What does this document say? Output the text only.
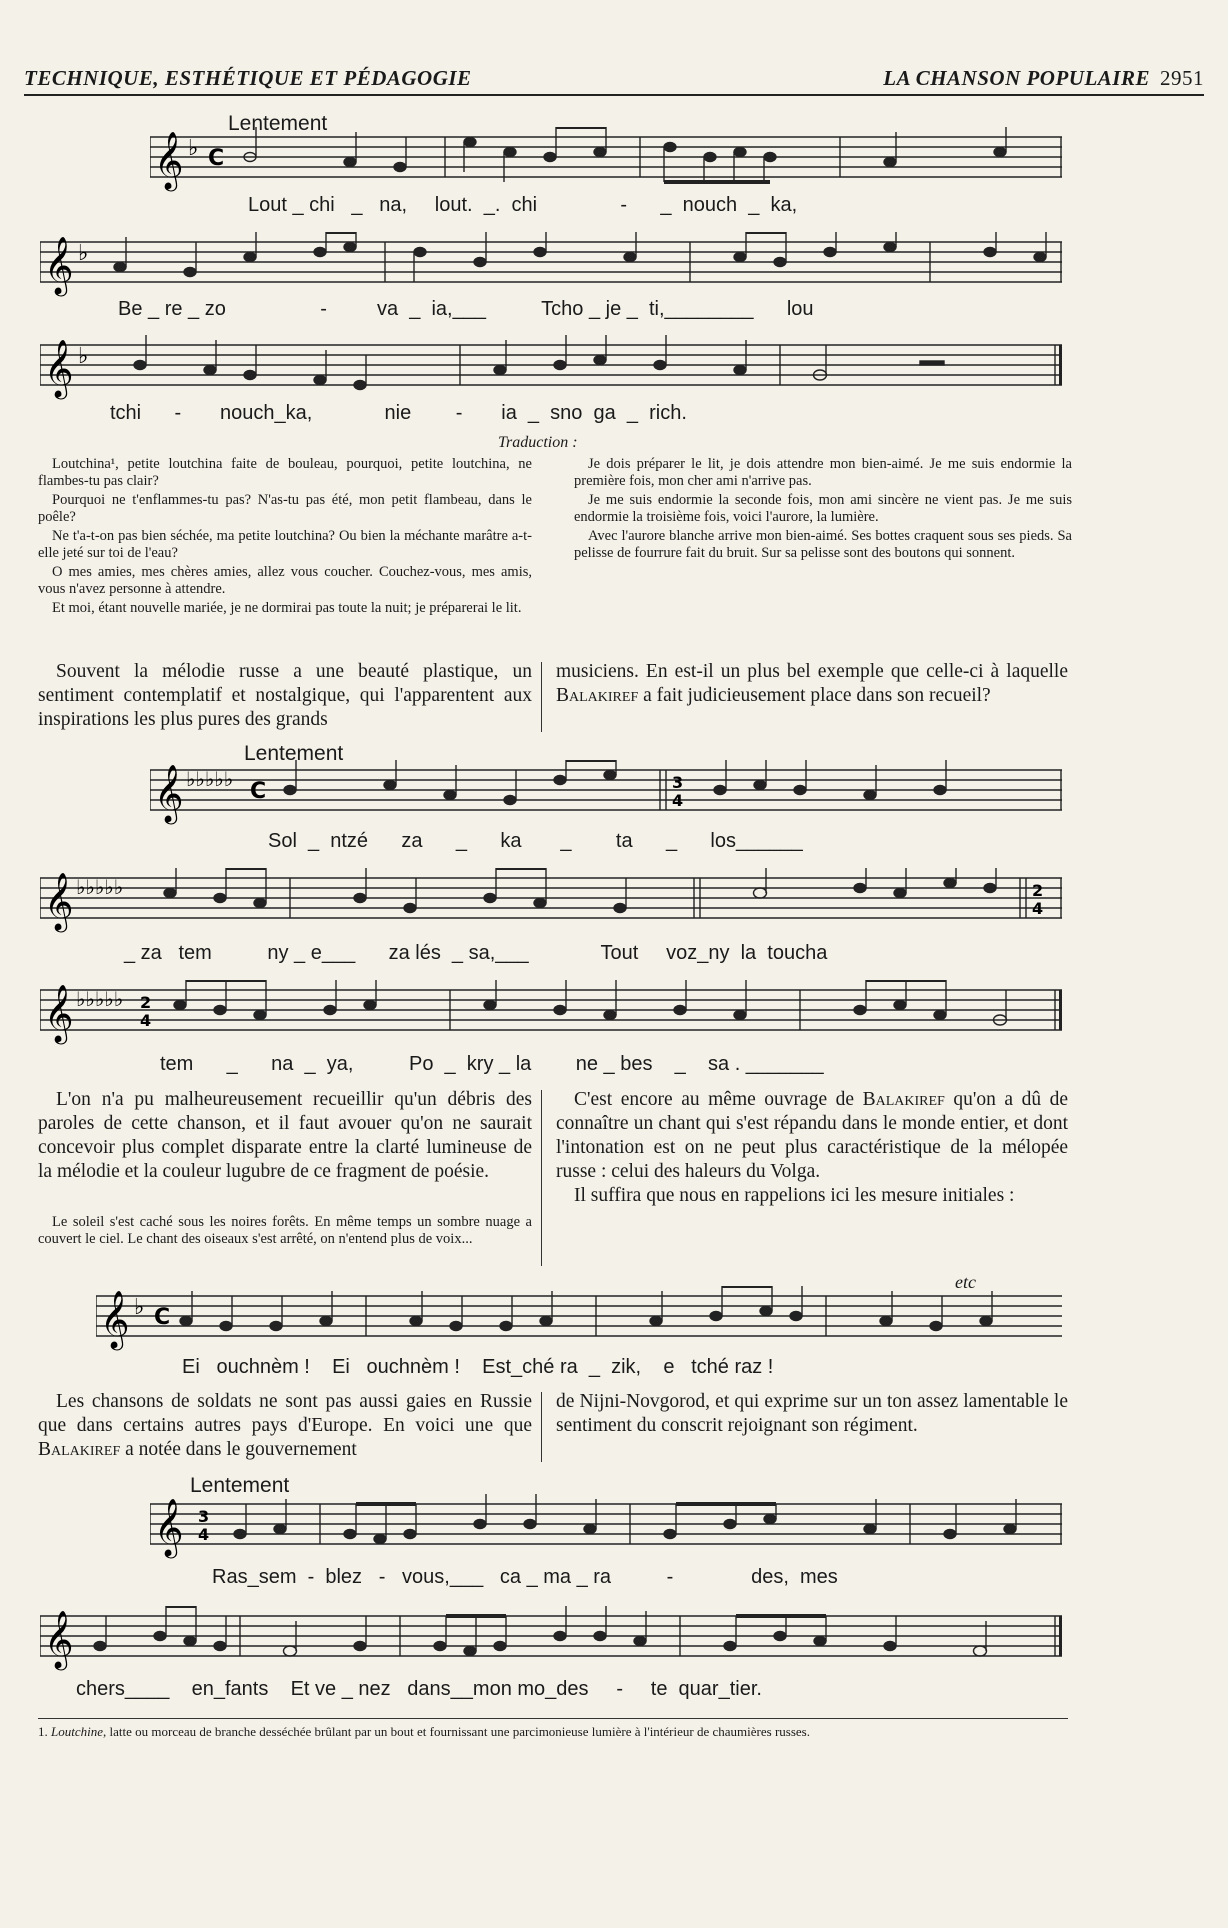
TECHNIQUE, ESTHÉTIQUE ET PÉDAGOGIE	LA CHANSON POPULAIRE 2951
Lentement
𝄞 ♭ C
Lout _ chi   _   na,     lout.  _.  chi               -      _  nouch  _  ka,
𝄞 ♭
Be _ re _ zo                 -         va  _  ia,___          Tcho _ je _  ti,________      lou
𝄞 ♭
tchi      -       nouch_ka,             nie        -       ia  _  sno  ga  _  rich.
Traduction :

Loutchina¹, petite loutchina faite de bouleau, pourquoi, petite loutchina, ne flambes-tu pas clair?

Pourquoi ne t'enflammes-tu pas? N'as-tu pas été, mon petit flambeau, dans le poêle?

Ne t'a-t-on pas bien séchée, ma petite loutchina? Ou bien la méchante marâtre a-t-elle jeté sur toi de l'eau?

O mes amies, mes chères amies, allez vous coucher. Couchez-vous, mes amis, vous n'avez personne à attendre.

Et moi, étant nouvelle mariée, je ne dormirai pas toute la nuit; je préparerai le lit.

Je dois préparer le lit, je dois attendre mon bien-aimé. Je me suis endormie la première fois, mon cher ami n'arrive pas.

Je me suis endormie la seconde fois, mon ami sincère ne vient pas. Je me suis endormie la troisième fois, voici l'aurore, la lumière.

Avec l'aurore blanche arrive mon bien-aimé. Ses bottes craquent sous ses pieds. Sa pelisse de fourrure fait du bruit. Sur sa pelisse sont des boutons qui sonnent.

Souvent la mélodie russe a une beauté plastique, un sentiment contemplatif et nostalgique, qui l'apparentent aux inspirations les plus pures des grands

musiciens. En est-il un plus bel exemple que celle-ci à laquelle Balakiref a fait judicieusement place dans son recueil?

Lentement
𝄞 ♭♭♭♭♭ C	3
4
Sol  _  ntzé      za      _      ka       _        ta      _      los______
𝄞 ♭♭♭♭♭	2
4
_ za   tem          ny _ e___      za lés  _ sa,___             Tout     voz_ny  la  toucha
𝄞 ♭♭♭♭♭ 2
4
tem      _      na  _  ya,          Po  _  kry _ la        ne _ bes    _    sa . _______

L'on n'a pu malheureusement recueillir qu'un débris des paroles de cette chanson, et il faut avouer qu'on ne saurait concevoir plus complet disparate entre la clarté lumineuse de la mélodie et la couleur lugubre de ce fragment de poésie.

Le soleil s'est caché sous les noires forêts. En même temps un sombre nuage a couvert le ciel. Le chant des oiseaux s'est arrêté, on n'entend plus de voix...

C'est encore au même ouvrage de Balakiref qu'on a dû de connaître un chant qui s'est répandu dans le monde entier, et dont l'intonation est on ne peut plus caractéristique de la mélopée russe : celui des haleurs du Volga.

Il suffira que nous en rappelions ici les mesure initiales :

etc
𝄞 ♭ C
Ei   ouchnèm !    Ei   ouchnèm !    Est_ché ra  _  zik,    e   tché raz !

Les chansons de soldats ne sont pas aussi gaies en Russie que dans certains autres pays d'Europe. En voici une que Balakiref a notée dans le gouvernement

de Nijni-Novgorod, et qui exprime sur un ton assez lamentable le sentiment du conscrit rejoignant son régiment.

Lentement
𝄞 3
4
Ras_sem  -  blez   -   vous,___   ca _ ma _ ra          -              des,  mes
𝄞
chers____    en_fants    Et ve _ nez   dans__mon mo_des     -     te  quar_tier.
1. Loutchine, latte ou morceau de branche desséchée brûlant par un bout et fournissant une parcimonieuse lumière à l'intérieur de chaumières russes.
